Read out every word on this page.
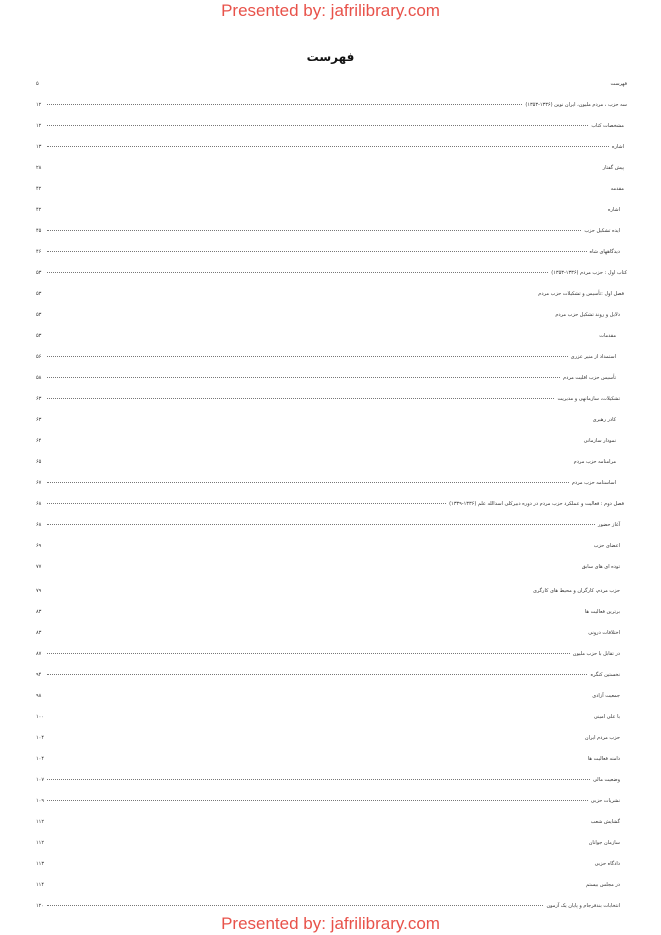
Presented by: jafrilibrary.com
فهرست
فهرست
۵
سه حزب ، مردم ملیون، ایران نوین (۱۳۳۶-۱۳۵۳)
۱۲
مشخصات کتاب
۱۲
اشاره
۱۳
پیش گفتار
۲۸
مقدمه
۴۲
اشاره
۴۲
ایده تشکیل حزب
۴۵
دیدگاههای شاه
۴۶
کتاب اول : حزب مردم (۱۳۳۶-۱۳۵۳)
۵۳
فصل اول :تأسیس و تشکیلات حزب مردم
۵۳
دلایل و روند تشکیل حزب مردم
۵۳
مقدمات
۵۳
استمداد از منیر عزری
۵۶
تأسیس حزب اقلیت مردم
۵۸
تشکیلات، سازمانهی و مدیریت
۶۳
کادر رهبری
۶۳
نمودار سازمانی
۶۴
مرامنامه حزب مردم
۶۵
اساسنامه حزب مردم
۶۷
فصل دوم : فعالیت و عملکرد حزب مردم در دوره دبیرکلی اسدالله علم (۱۳۳۶-۱۳۳۹)
۶۸
آغاز حضور
۶۸
اعضای حزب
۶۹
توده ای های سابق
۷۷
حزب مردم، کارگران و محیط های کارگری
۷۹
برترین فعالیت ها
۸۳
اختلافات درونی
۸۳
در تقابل با حزب ملیون
۸۷
نخستین کنگره
۹۴
جمعیت آزادی
۹۸
با علی امینی
۱۰۰
حزب مردم ایران
۱۰۴
دامنه فعالیت ها
۱۰۴
وضعیت مالی
۱۰۷
نشریات حزبی
۱۰۹
گشایش شعب
۱۱۲
سازمان جوانان
۱۱۲
دادگاه حزبی
۱۱۳
در مجلس بیستم
۱۱۴
انتخابات بندفرجام و پایان یک آزمون
۱۲۰
Presented by: jafrilibrary.com
